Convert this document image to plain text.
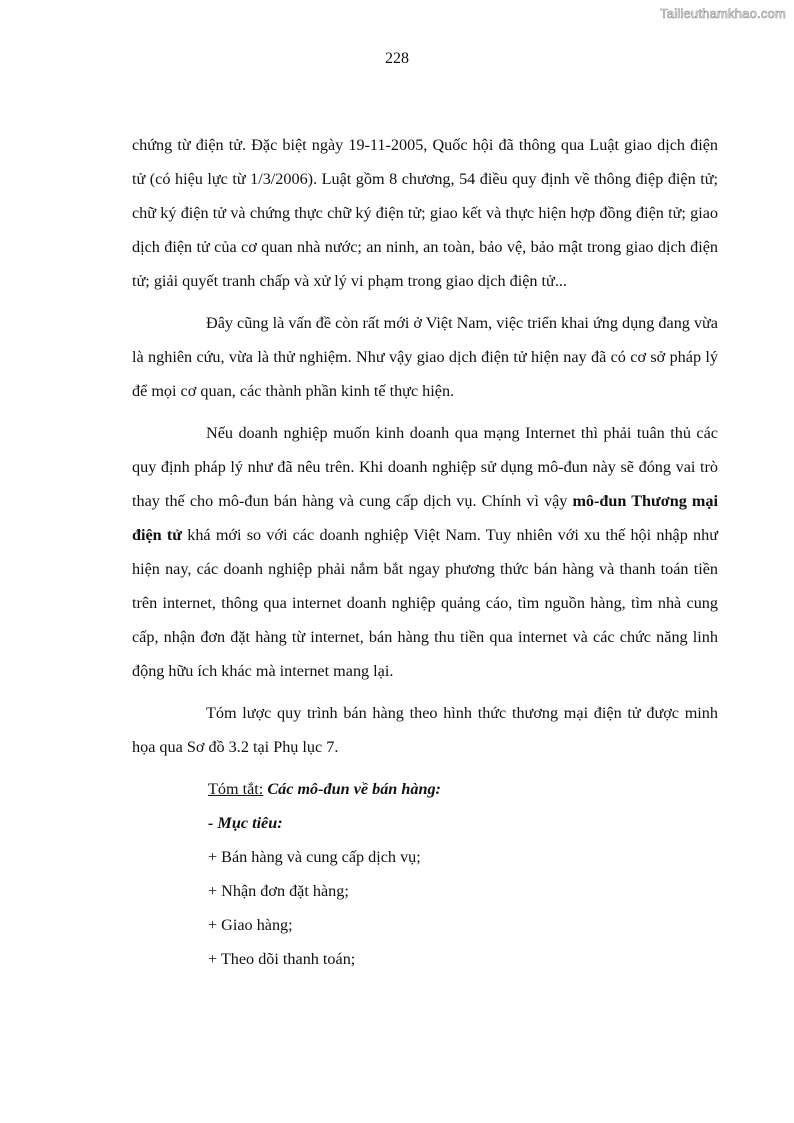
Tailieuthamkhao.com
228

chứng từ điện tử. Đặc biệt ngày 19-11-2005, Quốc hội đã thông qua Luật giao dịch điện tử (có hiệu lực từ 1/3/2006). Luật gồm 8 chương, 54 điều quy định về thông điệp điện tử; chữ ký điện tử và chứng thực chữ ký điện tử; giao kết và thực hiện hợp đồng điện tử; giao dịch điện tử của cơ quan nhà nước; an ninh, an toàn, bảo vệ, bảo mật trong giao dịch điện tử; giải quyết tranh chấp và xử lý vi phạm trong giao dịch điện tử...

Đây cũng là vấn đề còn rất mới ở Việt Nam, việc triển khai ứng dụng đang vừa là nghiên cứu, vừa là thử nghiệm. Như vậy giao dịch điện tử hiện nay đã có cơ sở pháp lý để mọi cơ quan, các thành phần kinh tế thực hiện.

Nếu doanh nghiệp muốn kinh doanh qua mạng Internet thì phải tuân thủ các quy định pháp lý như đã nêu trên. Khi doanh nghiệp sử dụng mô-đun này sẽ đóng vai trò thay thế cho mô-đun bán hàng và cung cấp dịch vụ. Chính vì vậy mô-đun Thương mại điện tử khá mới so với các doanh nghiệp Việt Nam. Tuy nhiên với xu thế hội nhập như hiện nay, các doanh nghiệp phải nắm bắt ngay phương thức bán hàng và thanh toán tiền trên internet, thông qua internet doanh nghiệp quảng cáo, tìm nguồn hàng, tìm nhà cung cấp, nhận đơn đặt hàng từ internet, bán hàng thu tiền qua internet và các chức năng linh động hữu ích khác mà internet mang lại.

Tóm lược quy trình bán hàng theo hình thức thương mại điện tử được minh họa qua Sơ đồ 3.2 tại Phụ lục 7.

Tóm tắt: Các mô-đun về bán hàng:
- Mục tiêu:
+ Bán hàng và cung cấp dịch vụ;
+ Nhận đơn đặt hàng;
+ Giao hàng;
+ Theo dõi thanh toán;
